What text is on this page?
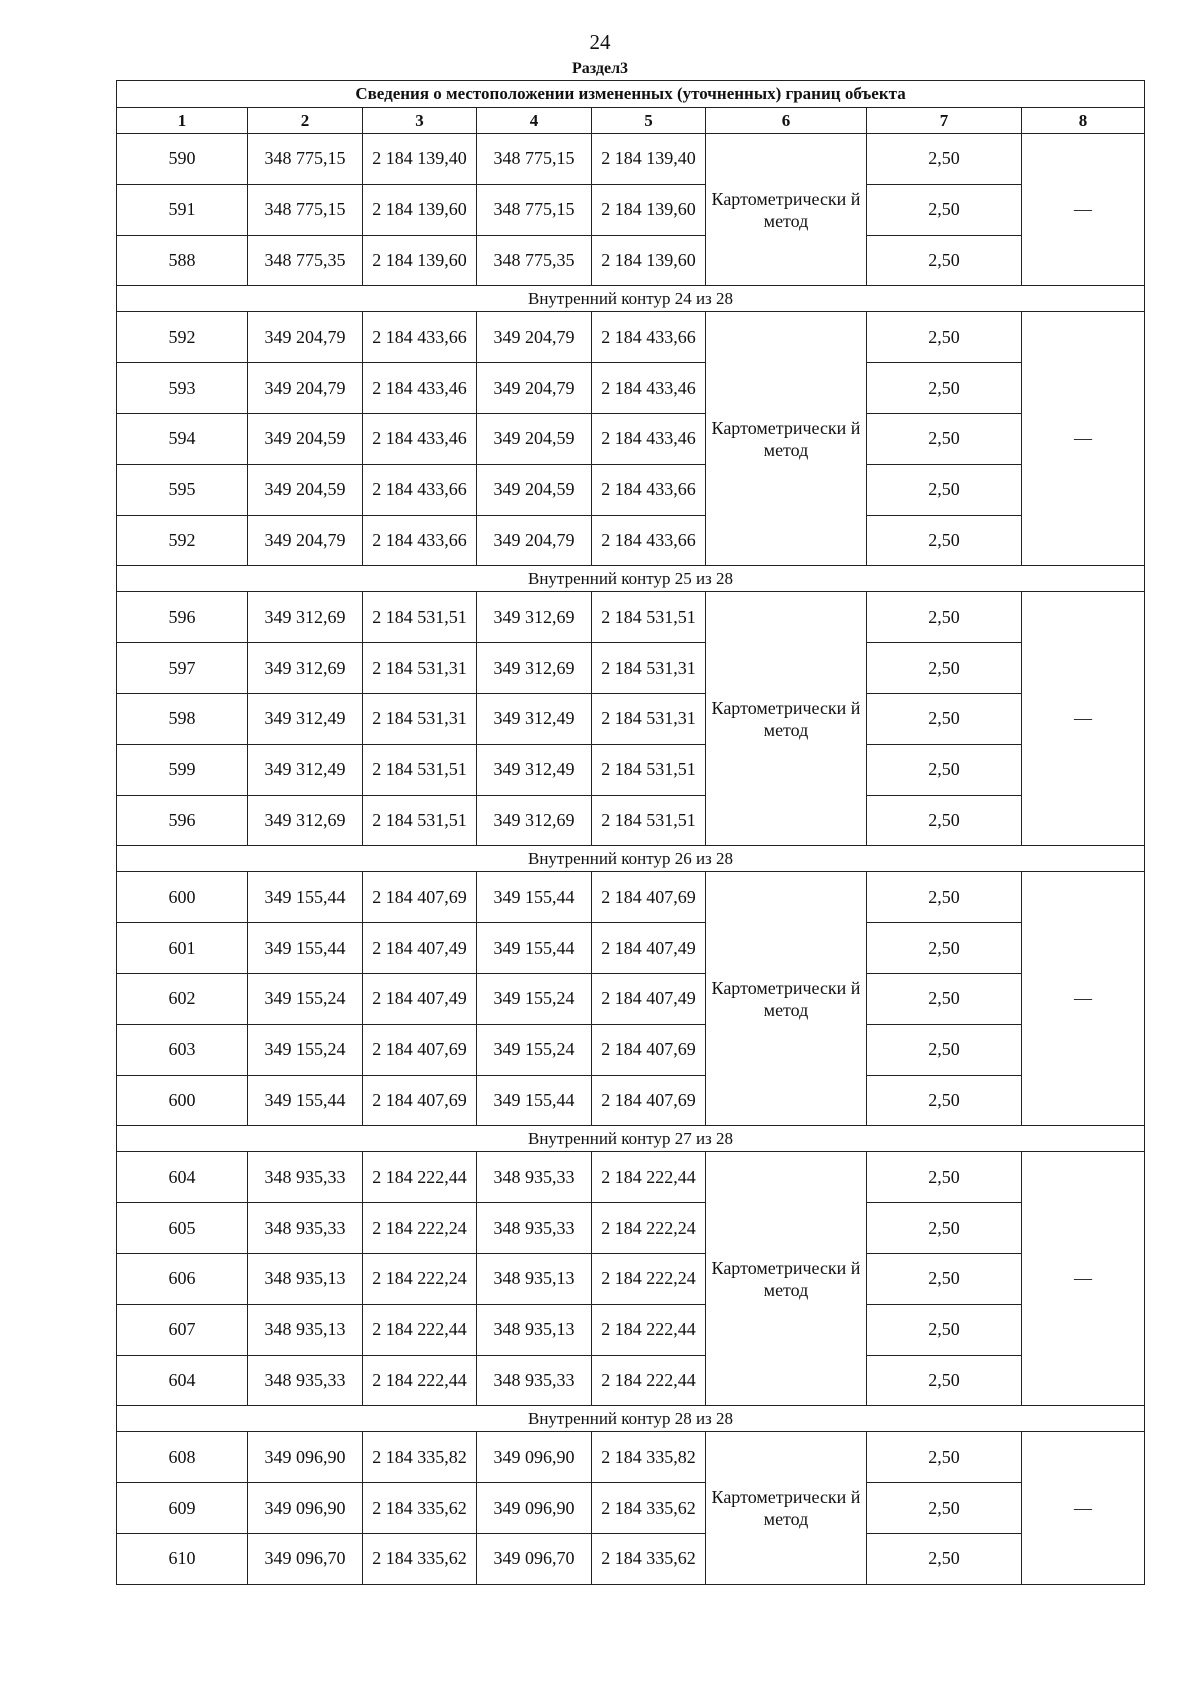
24
Раздел3
Сведения о местоположении измененных (уточненных) границ объекта							
1	2	3	4	5	6	7	8
590	348 775,15	2 184 139,40	348 775,15	2 184 139,40	Картометрически й метод	2,50	—
591	348 775,15	2 184 139,60	348 775,15	2 184 139,60		2,50	
588	348 775,35	2 184 139,60	348 775,35	2 184 139,60		2,50	
Внутренний контур 24 из 28							
592	349 204,79	2 184 433,66	349 204,79	2 184 433,66	Картометрически й метод	2,50	—
593	349 204,79	2 184 433,46	349 204,79	2 184 433,46		2,50	
594	349 204,59	2 184 433,46	349 204,59	2 184 433,46		2,50	
595	349 204,59	2 184 433,66	349 204,59	2 184 433,66		2,50	
592	349 204,79	2 184 433,66	349 204,79	2 184 433,66		2,50	
Внутренний контур 25 из 28							
596	349 312,69	2 184 531,51	349 312,69	2 184 531,51	Картометрически й метод	2,50	—
597	349 312,69	2 184 531,31	349 312,69	2 184 531,31		2,50	
598	349 312,49	2 184 531,31	349 312,49	2 184 531,31		2,50	
599	349 312,49	2 184 531,51	349 312,49	2 184 531,51		2,50	
596	349 312,69	2 184 531,51	349 312,69	2 184 531,51		2,50	
Внутренний контур 26 из 28							
600	349 155,44	2 184 407,69	349 155,44	2 184 407,69	Картометрически й метод	2,50	—
601	349 155,44	2 184 407,49	349 155,44	2 184 407,49		2,50	
602	349 155,24	2 184 407,49	349 155,24	2 184 407,49		2,50	
603	349 155,24	2 184 407,69	349 155,24	2 184 407,69		2,50	
600	349 155,44	2 184 407,69	349 155,44	2 184 407,69		2,50	
Внутренний контур 27 из 28							
604	348 935,33	2 184 222,44	348 935,33	2 184 222,44	Картометрически й метод	2,50	—
605	348 935,33	2 184 222,24	348 935,33	2 184 222,24		2,50	
606	348 935,13	2 184 222,24	348 935,13	2 184 222,24		2,50	
607	348 935,13	2 184 222,44	348 935,13	2 184 222,44		2,50	
604	348 935,33	2 184 222,44	348 935,33	2 184 222,44		2,50	
Внутренний контур 28 из 28							
608	349 096,90	2 184 335,82	349 096,90	2 184 335,82	Картометрически й метод	2,50	—
609	349 096,90	2 184 335,62	349 096,90	2 184 335,62		2,50	
610	349 096,70	2 184 335,62	349 096,70	2 184 335,62		2,50	
